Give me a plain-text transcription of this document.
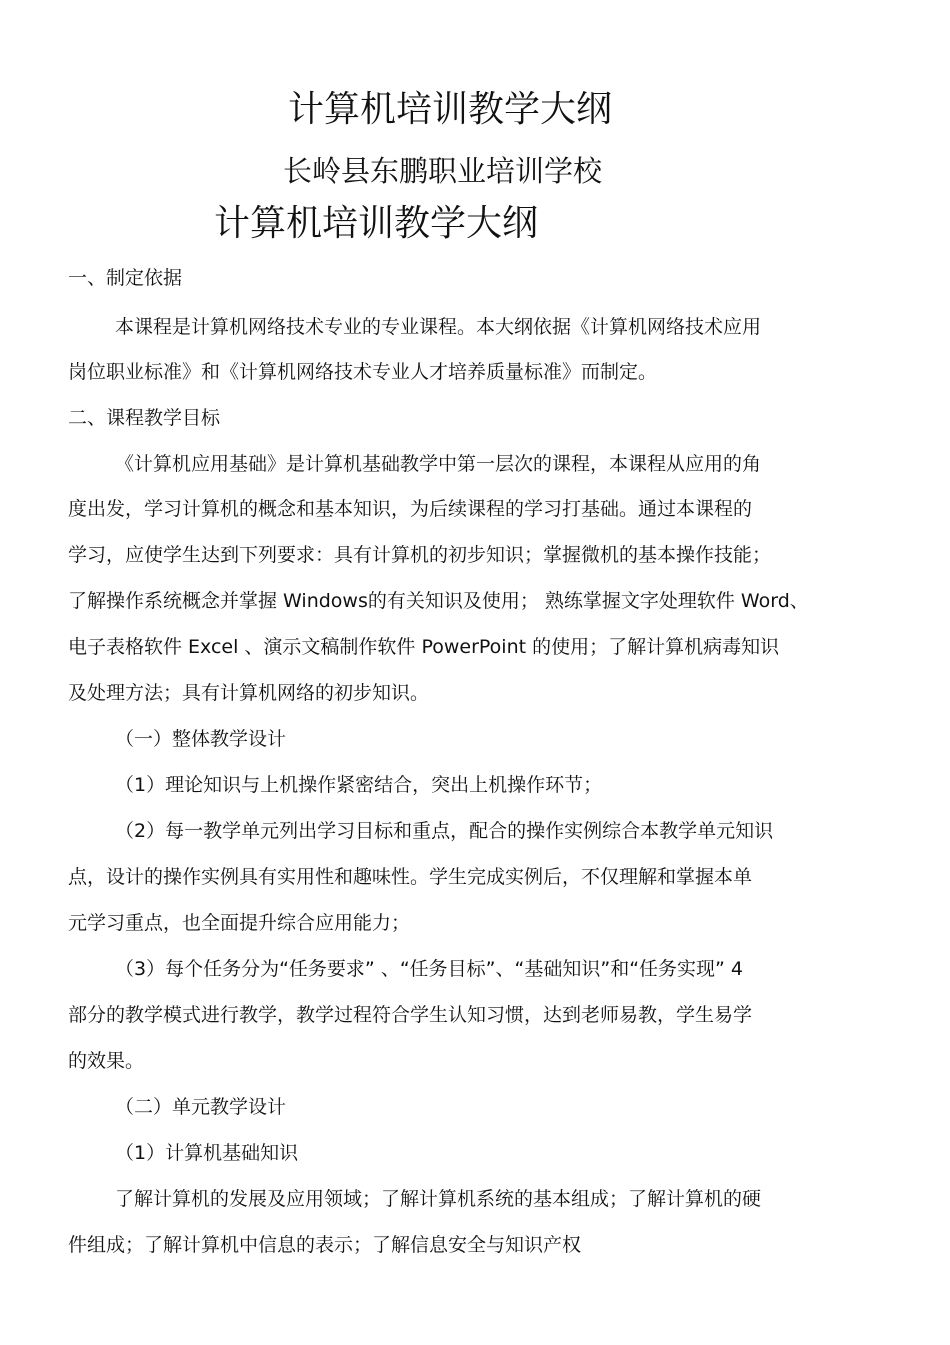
计算机培训教学大纲
长岭县东鹏职业培训学校
计算机培训教学大纲
一、制定依据
本课程是计算机网络技术专业的专业课程。本大纲依据《计算机网络技术应用
岗位职业标准》和《计算机网络技术专业人才培养质量标准》而制定。
二、课程教学目标
《计算机应用基础》是计算机基础教学中第一层次的课程，本课程从应用的角
度出发，学习计算机的概念和基本知识，为后续课程的学习打基础。通过本课程的
学习，应使学生达到下列要求：具有计算机的初步知识；掌握微机的基本操作技能；
了解操作系统概念并掌握 Windows的有关知识及使用； 熟练掌握文字处理软件 Word、
电子表格软件 Excel 、演示文稿制作软件 PowerPoint 的使用；了解计算机病毒知识
及处理方法；具有计算机网络的初步知识。
（一）整体教学设计
（1）理论知识与上机操作紧密结合，突出上机操作环节；
（2）每一教学单元列出学习目标和重点，配合的操作实例综合本教学单元知识
点，设计的操作实例具有实用性和趣味性。学生完成实例后，不仅理解和掌握本单
元学习重点，也全面提升综合应用能力；
（3）每个任务分为“任务要求” 、“任务目标”、“基础知识”和“任务实现” 4
部分的教学模式进行教学，教学过程符合学生认知习惯，达到老师易教，学生易学
的效果。
（二）单元教学设计
（1）计算机基础知识
了解计算机的发展及应用领域；了解计算机系统的基本组成；了解计算机的硬
件组成；了解计算机中信息的表示；了解信息安全与知识产权
